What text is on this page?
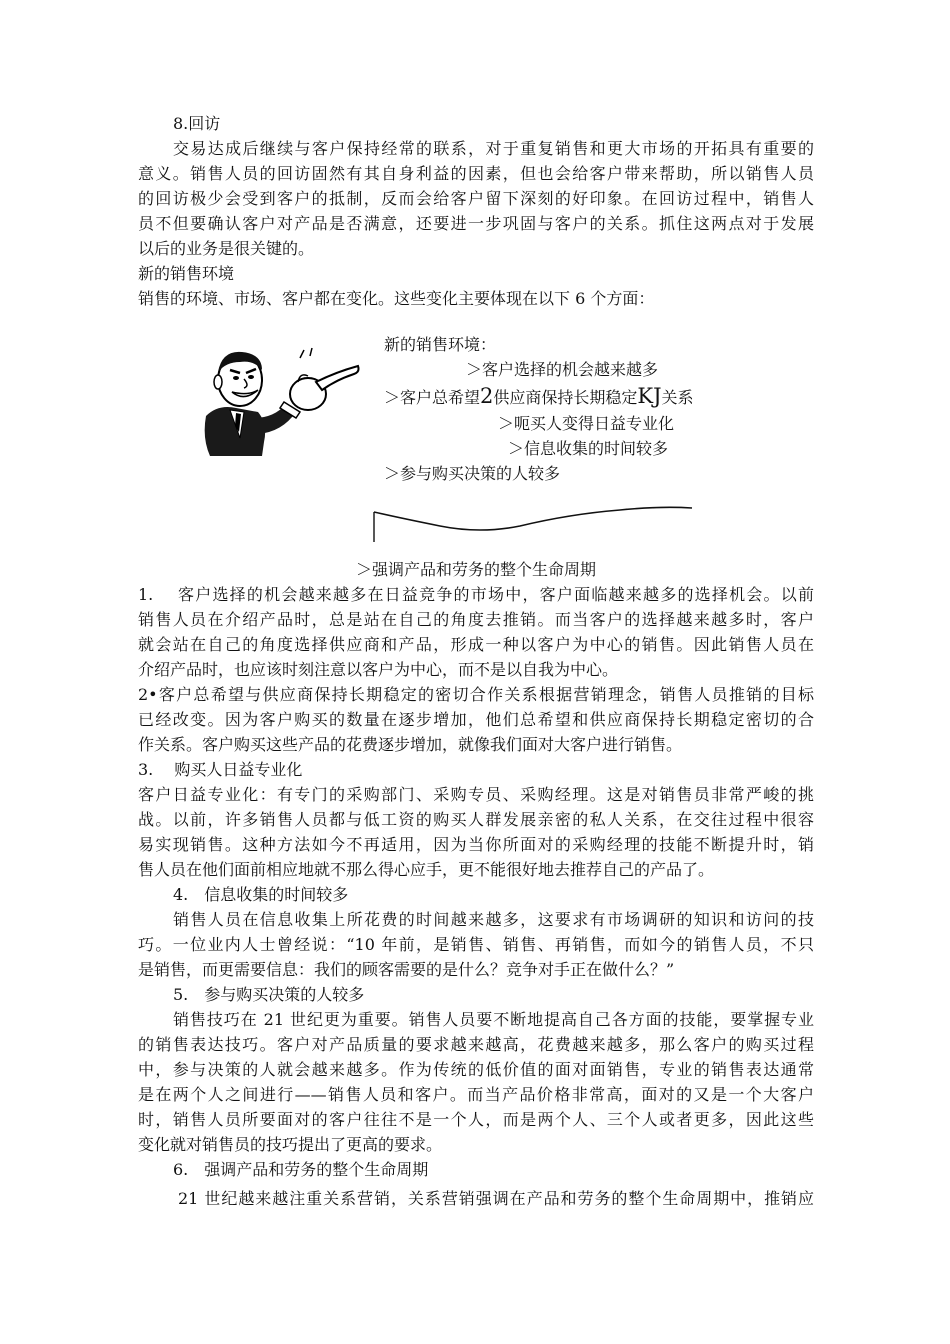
8.回访
交易达成后继续与客户保持经常的联系，对于重复销售和更大市场的开拓具有重要的
意义。销售人员的回访固然有其自身利益的因素，但也会给客户带来帮助，所以销售人员
的回访极少会受到客户的抵制，反而会给客户留下深刻的好印象。在回访过程中，销售人
员不但要确认客户对产品是否满意，还要进一步巩固与客户的关系。抓住这两点对于发展
以后的业务是很关键的。
新的销售环境
销售的环境、市场、客户都在变化。这些变化主要体现在以下 6 个方面：
新的销售环境：
＞客户选择的机会越来越多
＞客户总希望2供应商保持长期稳定KJ关系
＞呃买人变得日益专业化
＞信息收集的时间较多
＞参与购买决策的人较多
＞强调产品和劳务的整个生命周期
1.　 客户选择的机会越来越多在日益竞争的市场中，客户面临越来越多的选择机会。以前
销售人员在介绍产品时，总是站在自己的角度去推销。而当客户的选择越来越多时，客户
就会站在自己的角度选择供应商和产品，形成一种以客户为中心的销售。因此销售人员在
介绍产品时，也应该时刻注意以客户为中心，而不是以自我为中心。
2•客户总希望与供应商保持长期稳定的密切合作关系根据营销理念，销售人员推销的目标
已经改变。因为客户购买的数量在逐步增加，他们总希望和供应商保持长期稳定密切的合
作关系。客户购买这些产品的花费逐步增加，就像我们面对大客户进行销售。
3.　 购买人日益专业化
客户日益专业化：有专门的采购部门、采购专员、采购经理。这是对销售员非常严峻的挑
战。以前，许多销售人员都与低工资的购买人群发展亲密的私人关系，在交往过程中很容
易实现销售。这种方法如今不再适用，因为当你所面对的采购经理的技能不断提升时，销
售人员在他们面前相应地就不那么得心应手，更不能很好地去推荐自己的产品了。
4.　信息收集的时间较多
销售人员在信息收集上所花费的时间越来越多，这要求有市场调研的知识和访问的技
巧。一位业内人士曾经说：“10 年前，是销售、销售、再销售，而如今的销售人员，不只
是销售，而更需要信息：我们的顾客需要的是什么？竞争对手正在做什么？”
5.　参与购买决策的人较多
销售技巧在 21 世纪更为重要。销售人员要不断地提高自己各方面的技能，要掌握专业
的销售表达技巧。客户对产品质量的要求越来越高，花费越来越多，那么客户的购买过程
中，参与决策的人就会越来越多。作为传统的低价值的面对面销售，专业的销售表达通常
是在两个人之间进行——销售人员和客户。而当产品价格非常高，面对的又是一个大客户
时，销售人员所要面对的客户往往不是一个人，而是两个人、三个人或者更多，因此这些
变化就对销售员的技巧提出了更高的要求。
6.　强调产品和劳务的整个生命周期
21 世纪越来越注重关系营销，关系营销强调在产品和劳务的整个生命周期中，推销应
